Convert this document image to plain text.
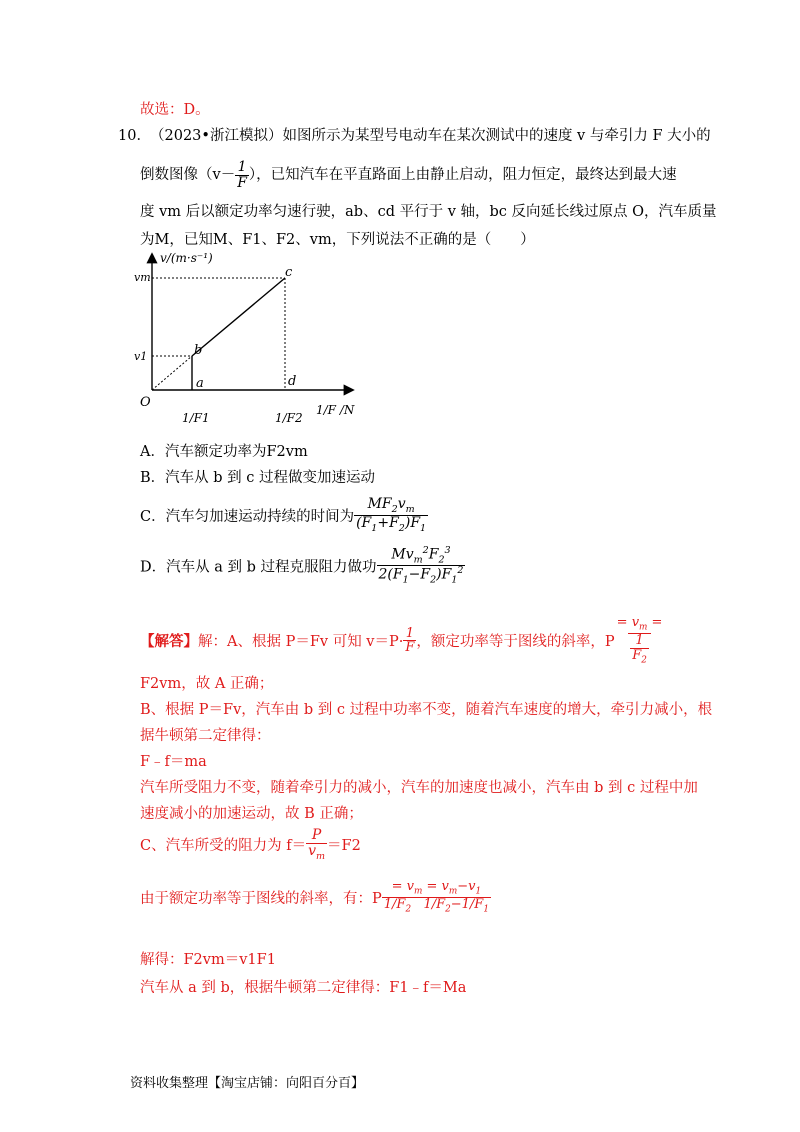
故选：D。
10． （2023•浙江模拟）如图所示为某型号电动车在某次测试中的速度 v 与牵引力 F 大小的
倒数图像（$v- \frac{1}{F}$ ），已知汽车在平直路面上由静止启动，阻力恒定，最终达到最大速
度 vm 后以额定功率匀速行驶，ab、cd 平行于 v 轴，bc 反向延长线过原点 O，汽车质量
为M，已知M、F1、F2、vm，下列说法不正确的是（　　）
v/(m·s⁻¹)
vm
v1
O
b
a
c
d
1/F1	1/F2
1/F /N
A．汽车额定功率为F2vm
B．汽车从 b 到 c 过程做变加速运动
C．汽车匀加速运动持续的时间为 $\frac{MF_2v_m}{(F_1+F_2)F_1}$
D．汽车从 a 到 b 过程克服阻力做功 $\frac{Mv_m^2F_2^3}{2(F_1-F_2)F_1^2}$
【解答】解：A、根据 P＝Fv 可知 $v=P\cdot \frac{1}{F}$ ，额定功率等于图线的斜率，P $\frac{= v_m =}{\frac{1}{F_2}}$
F2vm，故 A 正确；
B、根据 P＝Fv，汽车由 b 到 c 过程中功率不变，随着汽车速度的增大，牵引力减小，根
据牛顿第二定律得：
F﹣f＝ma
汽车所受阻力不变，随着牵引力的减小，汽车的加速度也减小，汽车由 b 到 c 过程中加
速度减小的加速运动，故 B 正确；
C、汽车所受的阻力为 $f= \frac{P}{v_m} =F2$
由于额定功率等于图线的斜率，有：P $\frac{= v_m = v_m-v_1}{1/F_2 1/F_2-1/F_1}$
解得：F2vm＝v1F1
汽车从 a 到 b，根据牛顿第二定律得：F1﹣f＝Ma
资料收集整理【淘宝店铺：向阳百分百】
